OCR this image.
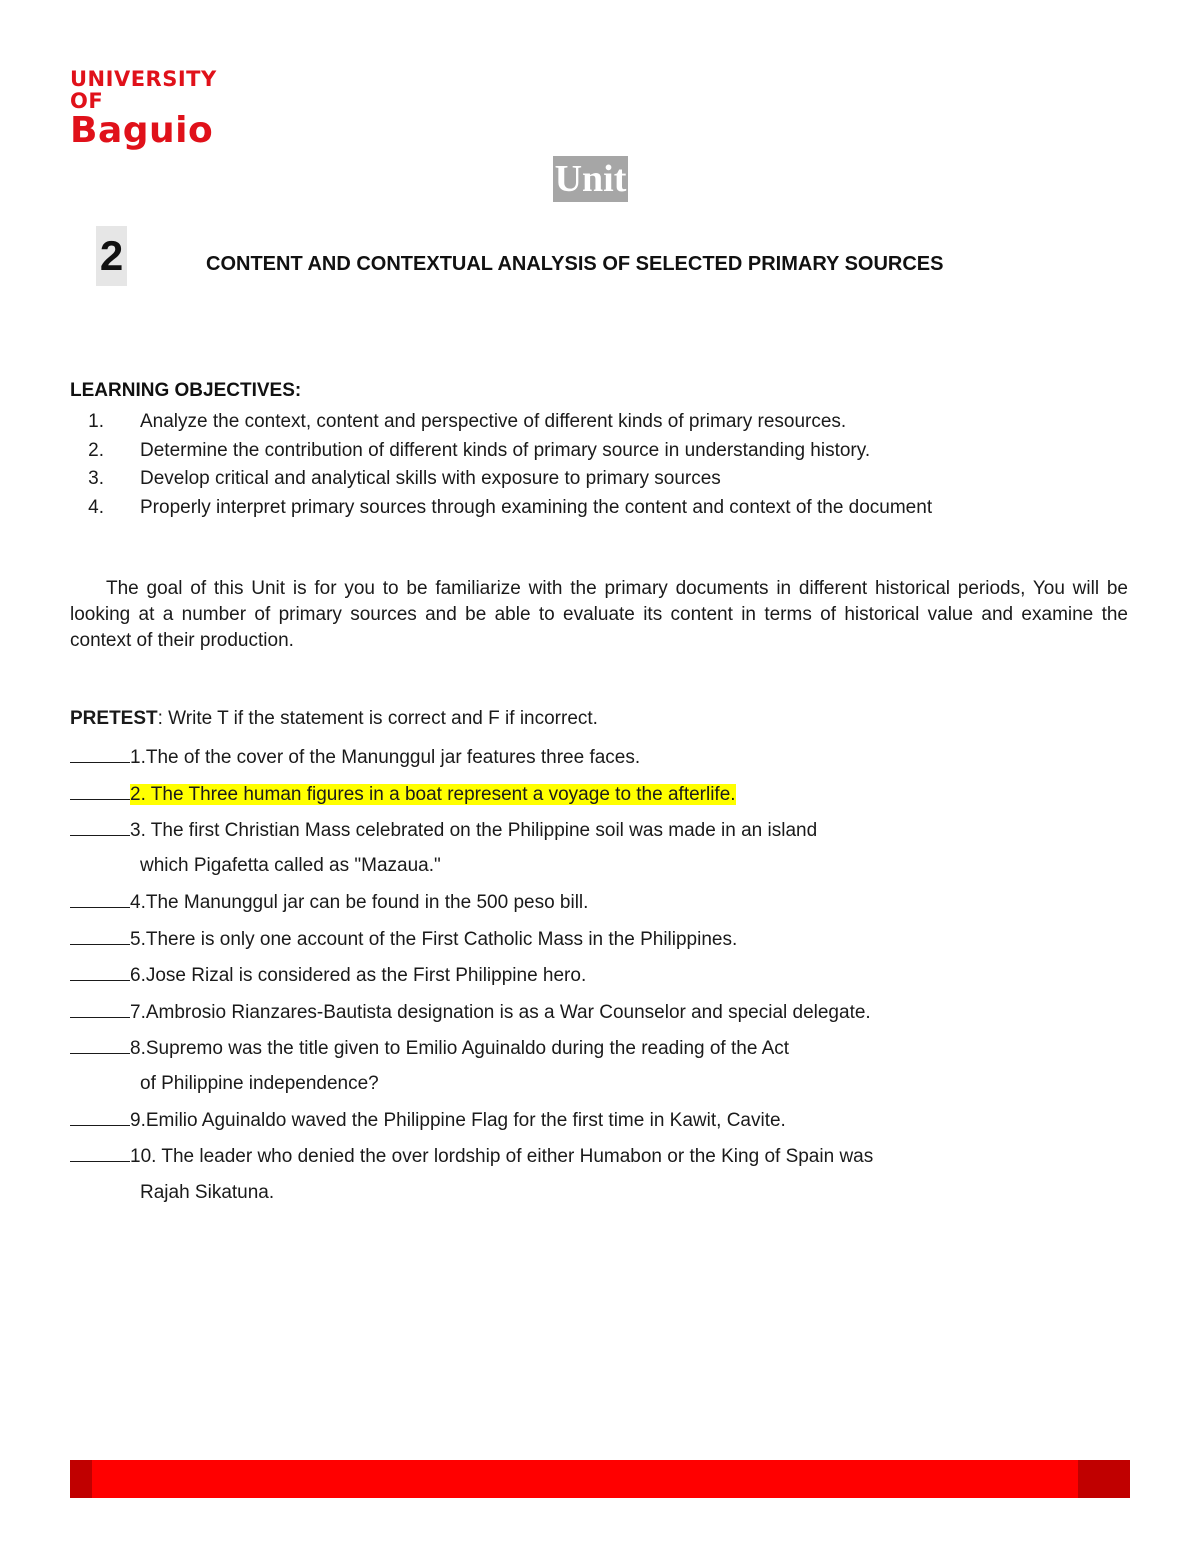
UNIVERSITY OF
Baguio
Unit
2	CONTENT AND CONTEXTUAL ANALYSIS OF SELECTED PRIMARY SOURCES
LEARNING OBJECTIVES:
1. Analyze the context, content and perspective of different kinds of primary resources.
2. Determine the contribution of different kinds of primary source in understanding history.
3. Develop critical and analytical skills with exposure to primary sources
4. Properly interpret primary sources through examining the content and context of the document

The goal of this Unit is for you to be familiarize with the primary documents in different historical periods, You will be looking at a number of primary sources and be able to evaluate its content in terms of historical value and examine the context of their production.

PRETEST: Write T if the statement is correct and F if incorrect.
1.The of the cover of the Manunggul jar features three faces.
2. The Three human figures in a boat represent a voyage to the afterlife.
3. The first Christian Mass celebrated on the Philippine soil was made in an island
which Pigafetta called as "Mazaua."
4.The Manunggul jar can be found in the 500 peso bill.
5.There is only one account of the First Catholic Mass in the Philippines.
6.Jose Rizal is considered as the First Philippine hero.
7.Ambrosio Rianzares-Bautista designation is as a War Counselor and special delegate.
8.Supremo was the title given to Emilio Aguinaldo during the reading of the Act
of Philippine independence?
9.Emilio Aguinaldo waved the Philippine Flag for the first time in Kawit, Cavite.
10. The leader who denied the over lordship of either Humabon or the King of Spain was
Rajah Sikatuna.
